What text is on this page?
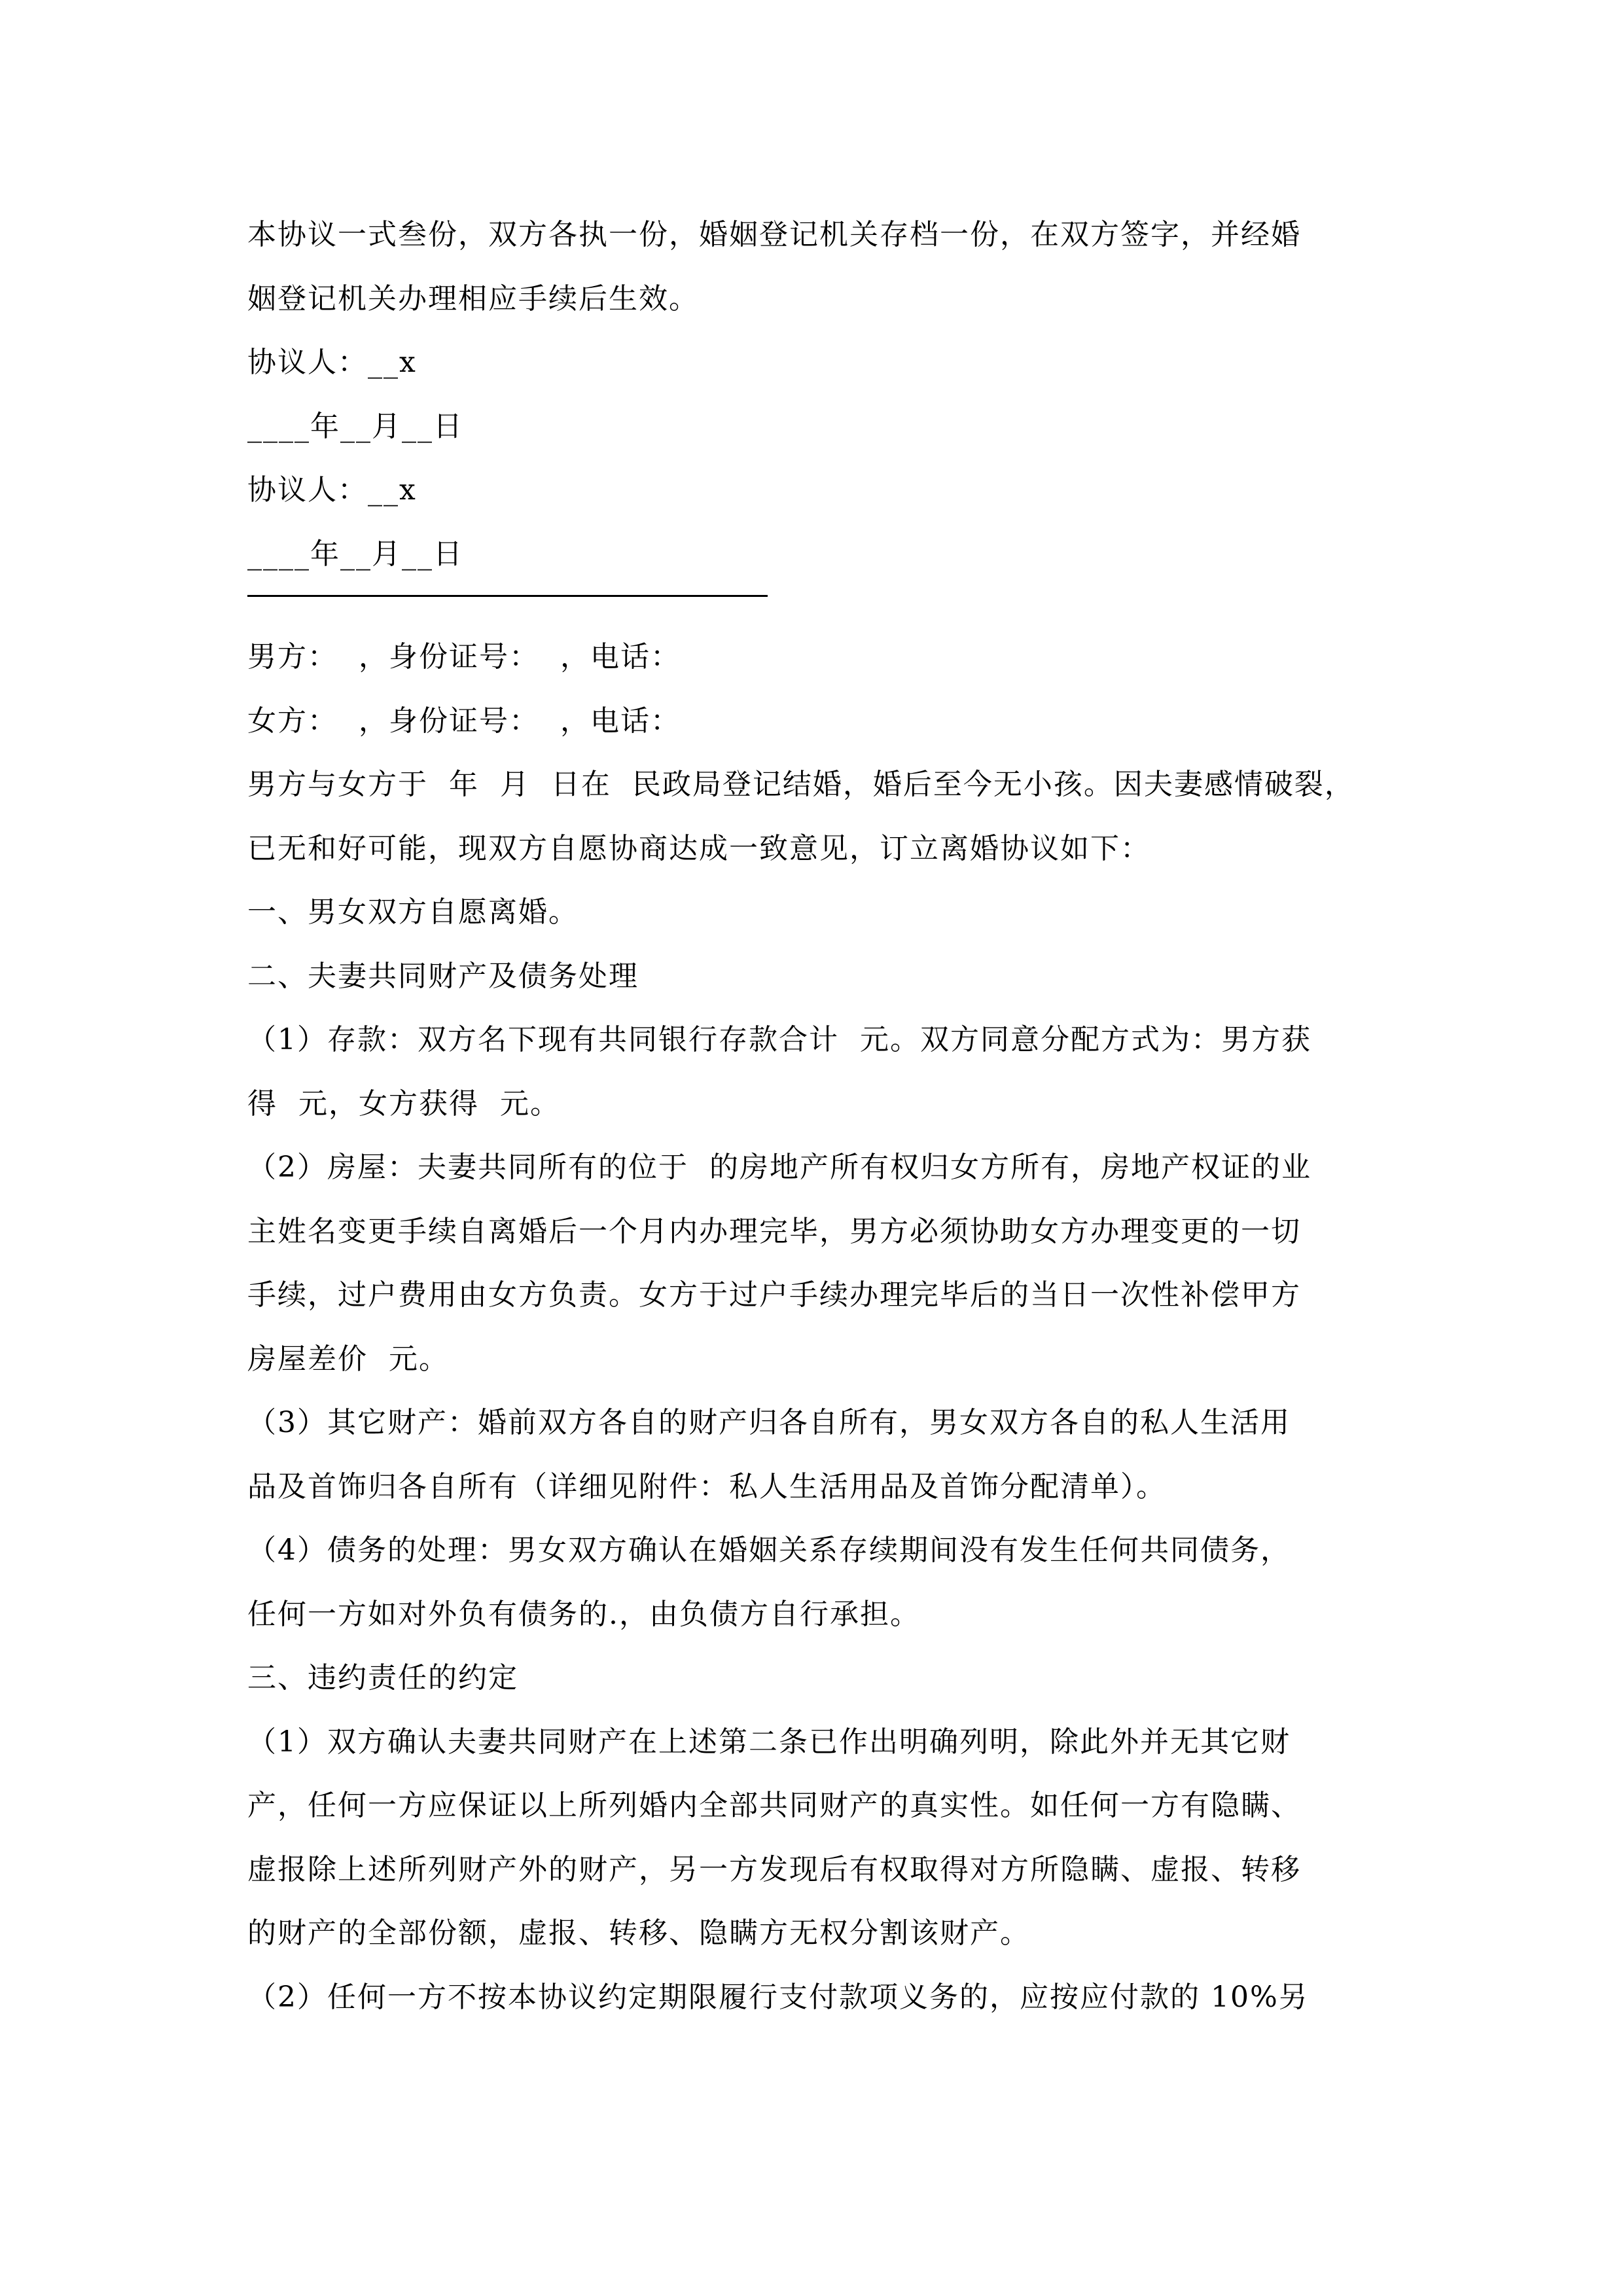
本协议一式叁份，双方各执一份，婚姻登记机关存档一份，在双方签字，并经婚
姻登记机关办理相应手续后生效。
协议人：__x
____年__月__日
协议人：__x
____年__月__日
男方：  ，身份证号：  ，电话：
女方：  ，身份证号：  ，电话：
男方与女方于  年  月  日在  民政局登记结婚，婚后至今无小孩。因夫妻感情破裂，
已无和好可能，现双方自愿协商达成一致意见，订立离婚协议如下：
一、男女双方自愿离婚。
二、夫妻共同财产及债务处理
（1）存款：双方名下现有共同银行存款合计  元。双方同意分配方式为：男方获
得  元，女方获得  元。
（2）房屋：夫妻共同所有的位于  的房地产所有权归女方所有，房地产权证的业
主姓名变更手续自离婚后一个月内办理完毕，男方必须协助女方办理变更的一切
手续，过户费用由女方负责。女方于过户手续办理完毕后的当日一次性补偿甲方
房屋差价  元。
（3）其它财产：婚前双方各自的财产归各自所有，男女双方各自的私人生活用
品及首饰归各自所有（详细见附件：私人生活用品及首饰分配清单）。
（4）债务的处理：男女双方确认在婚姻关系存续期间没有发生任何共同债务，
任何一方如对外负有债务的.，由负债方自行承担。
三、违约责任的约定
（1）双方确认夫妻共同财产在上述第二条已作出明确列明，除此外并无其它财
产，任何一方应保证以上所列婚内全部共同财产的真实性。如任何一方有隐瞒、
虚报除上述所列财产外的财产，另一方发现后有权取得对方所隐瞒、虚报、转移
的财产的全部份额，虚报、转移、隐瞒方无权分割该财产。
（2）任何一方不按本协议约定期限履行支付款项义务的，应按应付款的 10%另
